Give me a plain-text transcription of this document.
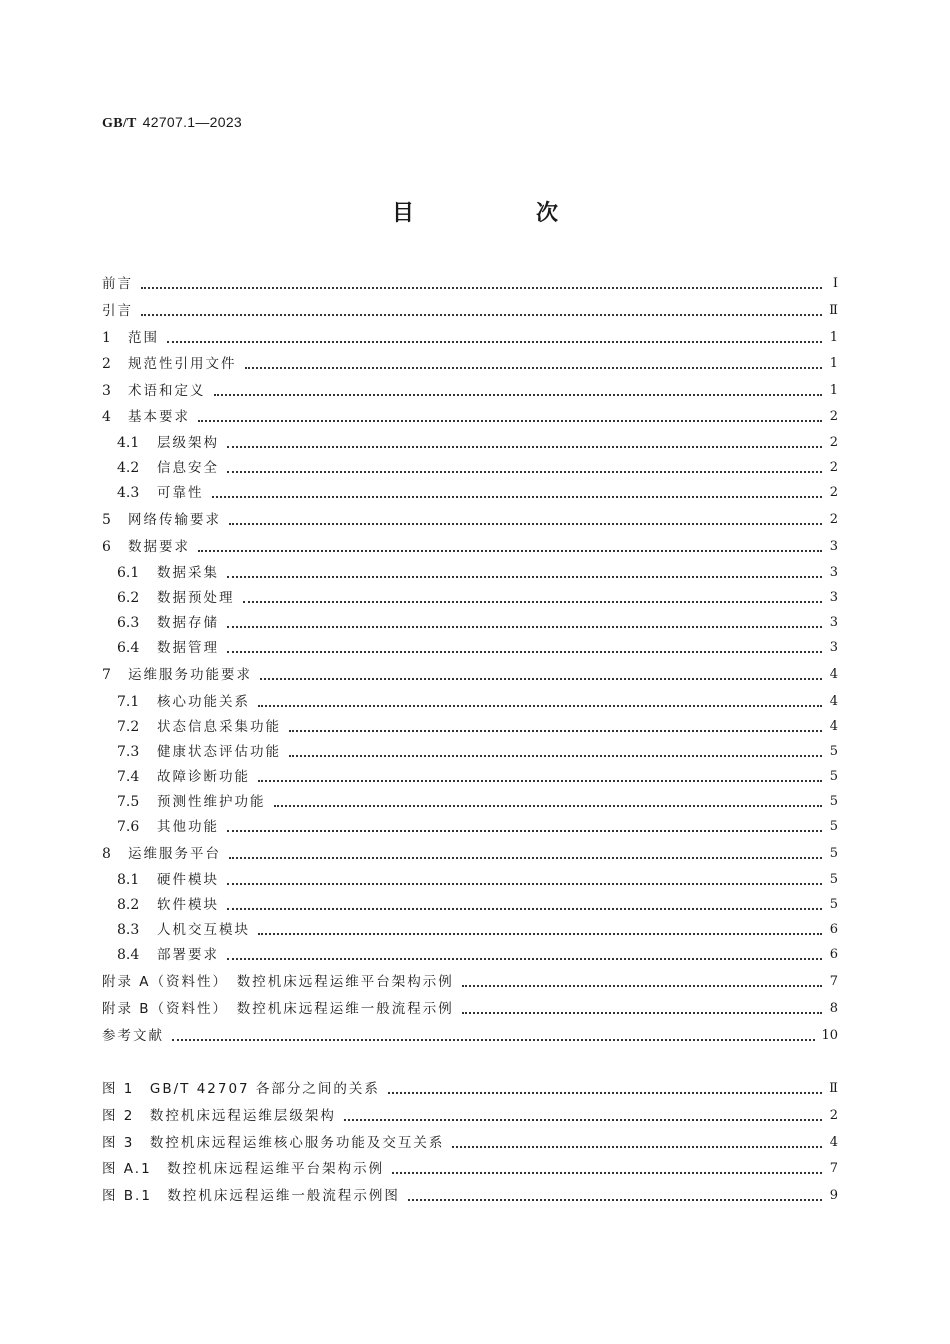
GB/T 42707.1—2023
目　次
前言	Ⅰ
引言	Ⅱ
1	范围	1
2	规范性引用文件	1
3	术语和定义	1
4	基本要求	2
4.1	层级架构	2
4.2	信息安全	2
4.3	可靠性	2
5	网络传输要求	2
6	数据要求	3
6.1	数据采集	3
6.2	数据预处理	3
6.3	数据存储	3
6.4	数据管理	3
7	运维服务功能要求	4
7.1	核心功能关系	4
7.2	状态信息采集功能	4
7.3	健康状态评估功能	5
7.4	故障诊断功能	5
7.5	预测性维护功能	5
7.6	其他功能	5
8	运维服务平台	5
8.1	硬件模块	5
8.2	软件模块	5
8.3	人机交互模块	6
8.4	部署要求	6
附录 A（资料性）　数控机床远程运维平台架构示例	7
附录 B（资料性）　数控机床远程运维一般流程示例	8
参考文献	10
图 1　GB/T 42707 各部分之间的关系	Ⅱ
图 2　数控机床远程运维层级架构	2
图 3　数控机床远程运维核心服务功能及交互关系	4
图 A.1　数控机床远程运维平台架构示例	7
图 B.1　数控机床远程运维一般流程示例图	9
